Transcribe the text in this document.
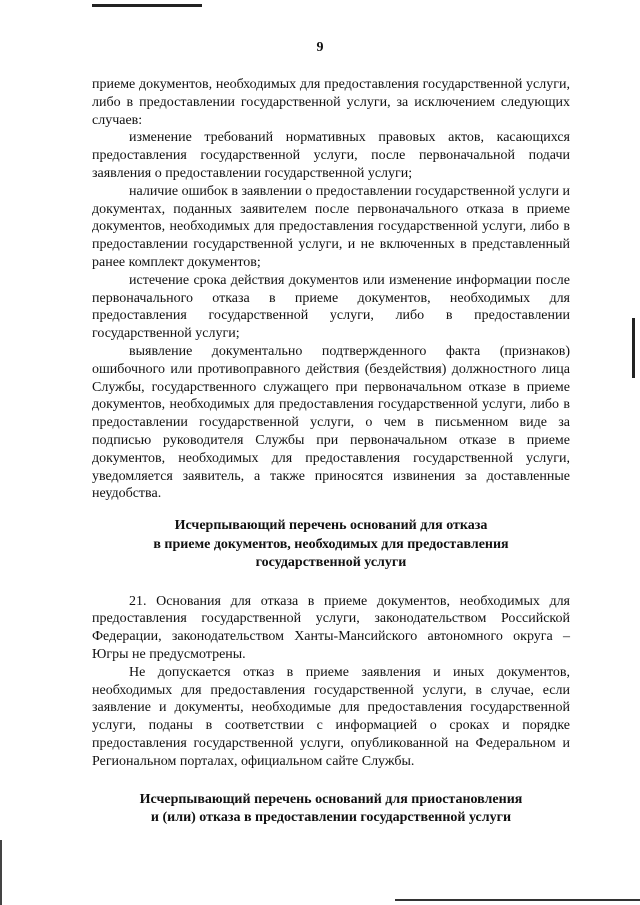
9

приеме документов, необходимых для предоставления государственной услуги, либо в предоставлении государственной услуги, за исключением следующих случаев:

изменение требований нормативных правовых актов, касающихся предоставления государственной услуги, после первоначальной подачи заявления о предоставлении государственной услуги;

наличие ошибок в заявлении о предоставлении государственной услуги и документах, поданных заявителем после первоначального отказа в приеме документов, необходимых для предоставления государственной услуги, либо в предоставлении государственной услуги, и не включенных в представленный ранее комплект документов;

истечение срока действия документов или изменение информации после первоначального отказа в приеме документов, необходимых для предоставления государственной услуги, либо в предоставлении государственной услуги;

выявление документально подтвержденного факта (признаков) ошибочного или противоправного действия (бездействия) должностного лица Службы, государственного служащего при первоначальном отказе в приеме документов, необходимых для предоставления государственной услуги, либо в предоставлении государственной услуги, о чем в письменном виде за подписью руководителя Службы при первоначальном отказе в приеме документов, необходимых для предоставления государственной услуги, уведомляется заявитель, а также приносятся извинения за доставленные неудобства.

Исчерпывающий перечень оснований для отказа
в приеме документов, необходимых для предоставления
государственной услуги

21. Основания для отказа в приеме документов, необходимых для предоставления государственной услуги, законодательством Российской Федерации, законодательством Ханты-Мансийского автономного округа – Югры не предусмотрены.

Не допускается отказ в приеме заявления и иных документов, необходимых для предоставления государственной услуги, в случае, если заявление и документы, необходимые для предоставления государственной услуги, поданы в соответствии с информацией о сроках и порядке предоставления государственной услуги, опубликованной на Федеральном и Региональном порталах, официальном сайте Службы.

Исчерпывающий перечень оснований для приостановления
и (или) отказа в предоставлении государственной услуги
